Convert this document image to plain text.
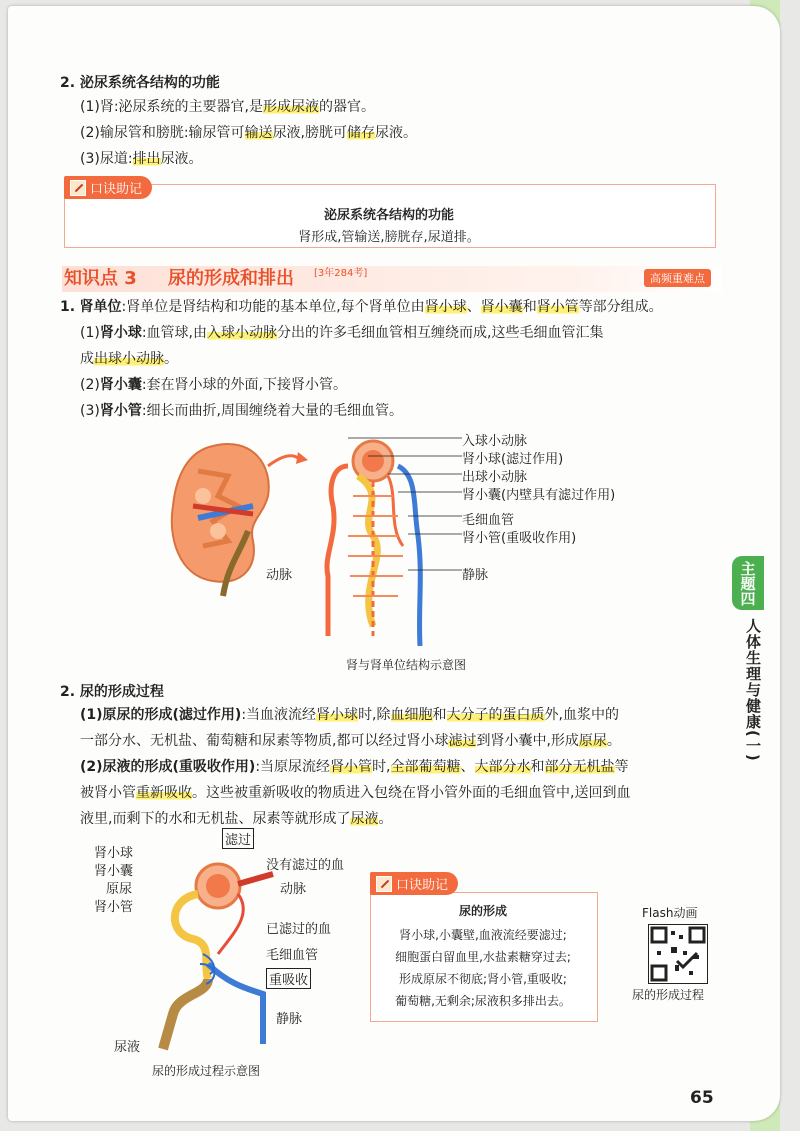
2. 泌尿系统各结构的功能
(1)肾:泌尿系统的主要器官,是形成尿液的器官。
(2)输尿管和膀胱:输尿管可输送尿液,膀胱可储存尿液。
(3)尿道:排出尿液。
口诀助记
泌尿系统各结构的功能
肾形成,管输送,膀胱存,尿道排。
知识点 3 尿的形成和排出 [3年284考]	高频重难点
1. 肾单位:肾单位是肾结构和功能的基本单位,每个肾单位由肾小球、肾小囊和肾小管等部分组成。
(1)肾小球:血管球,由入球小动脉分出的许多毛细血管相互缠绕而成,这些毛细血管汇集
成出球小动脉。
(2)肾小囊:套在肾小球的外面,下接肾小管。
(3)肾小管:细长而曲折,周围缠绕着大量的毛细血管。
入球小动脉
肾小球(滤过作用)
出球小动脉
肾小囊(内壁具有滤过作用)
毛细血管
肾小管(重吸收作用)
动脉	静脉
肾与肾单位结构示意图
2. 尿的形成过程
(1)原尿的形成(滤过作用):当血液流经肾小球时,除血细胞和大分子的蛋白质外,血浆中的
一部分水、无机盐、葡萄糖和尿素等物质,都可以经过肾小球滤过到肾小囊中,形成原尿。
(2)尿液的形成(重吸收作用):当原尿流经肾小管时,全部葡萄糖、大部分水和部分无机盐等
被肾小管重新吸收。这些被重新吸收的物质进入包绕在肾小管外面的毛细血管中,送回到血
液里,而剩下的水和无机盐、尿素等就形成了尿液。
肾小球
肾小囊
原尿
肾小管
滤过
没有滤过的血
动脉
已滤过的血
毛细血管
重吸收
静脉
尿液
尿的形成过程示意图
口诀助记
尿的形成
肾小球,小囊壁,血液流经要滤过;
细胞蛋白留血里,水盐素糖穿过去;
形成原尿不彻底;肾小管,重吸收;
葡萄糖,无剩余;尿液积多排出去。
Flash动画
尿的形成过程
主题四
人体生理与健康(一)
65
